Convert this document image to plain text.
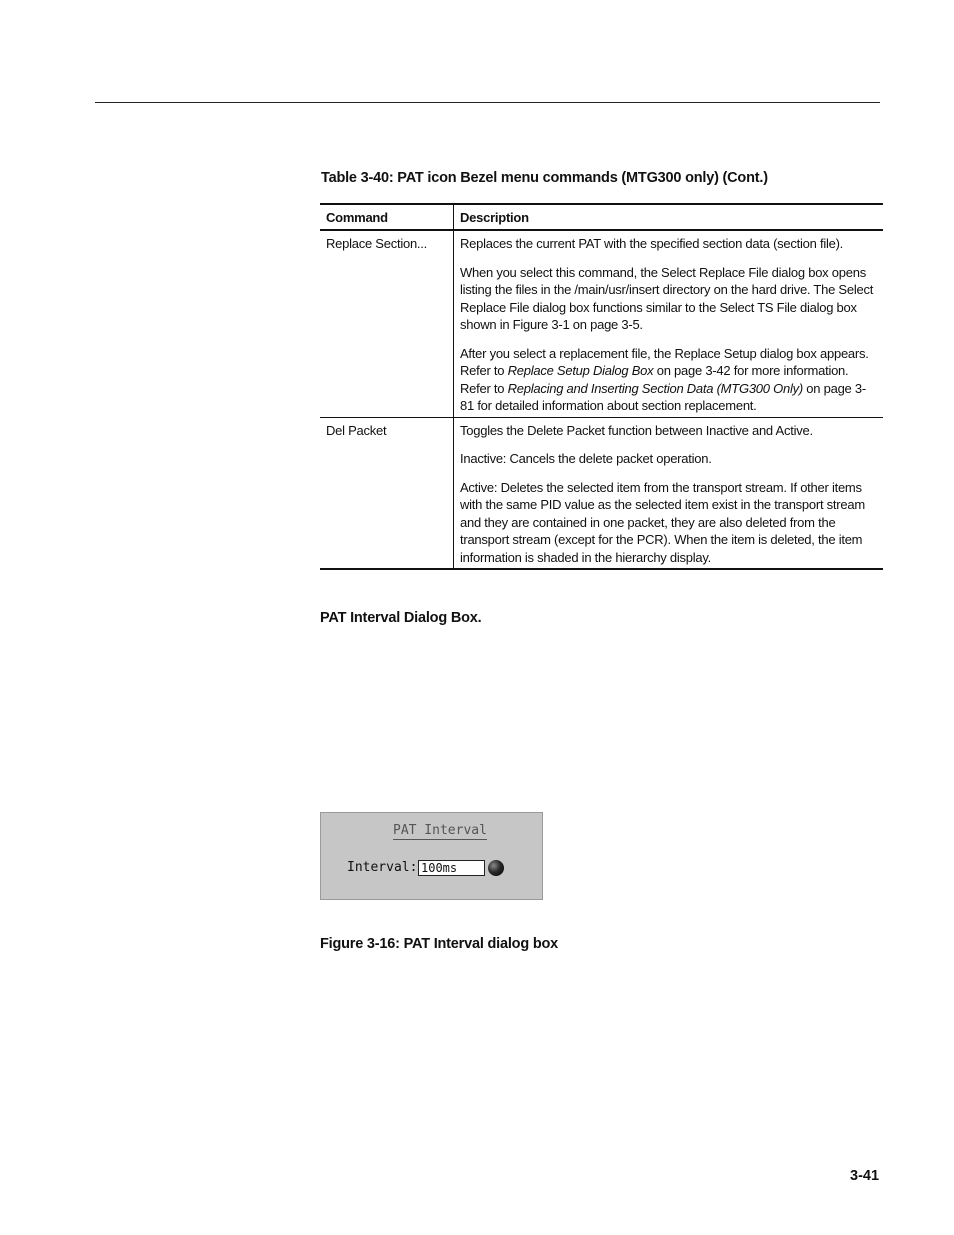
Table 3-40: PAT icon Bezel menu commands (MTG300 only) (Cont.)
Command	Description
Replace Section...	Replaces the current PAT with the specified section data (section file).

When you select this command, the Select Replace File dialog box opens listing the files in the /main/usr/insert directory on the hard drive. The Select Replace File dialog box functions similar to the Select TS File dialog box shown in Figure 3-1 on page 3-5.

After you select a replacement file, the Replace Setup dialog box appears. Refer to Replace Setup Dialog Box on page 3-42 for more information. Refer to Replacing and Inserting Section Data (MTG300 Only) on page 3-81 for detailed information about section replacement.

Del Packet	Toggles the Delete Packet function between Inactive and Active.

Inactive: Cancels the delete packet operation.

Active: Deletes the selected item from the transport stream. If other items with the same PID value as the selected item exist in the transport stream and they are contained in one packet, they are also deleted from the transport stream (except for the PCR). When the item is deleted, the item information is shaded in the hierarchy display.

PAT Interval Dialog Box.
PAT Interval
Interval: 100ms
Figure 3-16: PAT Interval dialog box
3-41
